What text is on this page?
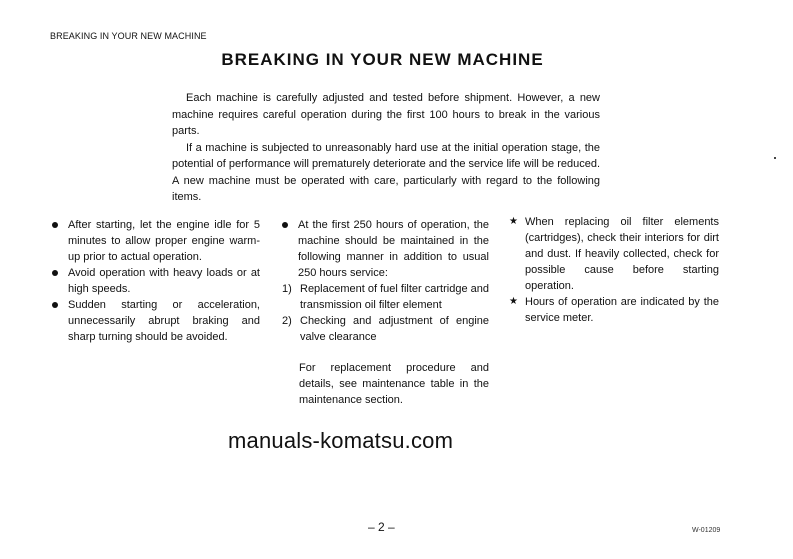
BREAKING IN YOUR NEW MACHINE
BREAKING IN YOUR NEW MACHINE

Each machine is carefully adjusted and tested before shipment. However, a new machine requires careful operation during the first 100 hours to break in the various parts.

If a machine is subjected to unreasonably hard use at the initial operation stage, the potential of performance will prematurely deteriorate and the service life will be reduced. A new machine must be operated with care, particularly with regard to the following items.

After starting, let the engine idle for 5 minutes to allow proper engine warm-up prior to actual operation.
Avoid operation with heavy loads or at high speeds.
Sudden starting or acceleration, unnecessarily abrupt braking and sharp turning should be avoided.
At the first 250 hours of operation, the machine should be maintained in the following manner in addition to usual 250 hours service:
1) Replacement of fuel filter cartridge and transmission oil filter element
2) Checking and adjustment of engine valve clearance
For replacement procedure and details, see maintenance table in the maintenance section.
★ When replacing oil filter elements (cartridges), check their interiors for dirt and dust. If heavily collected, check for possible cause before starting operation.
★ Hours of operation are indicated by the service meter.
manuals-komatsu.com
– 2 –	W-01209
